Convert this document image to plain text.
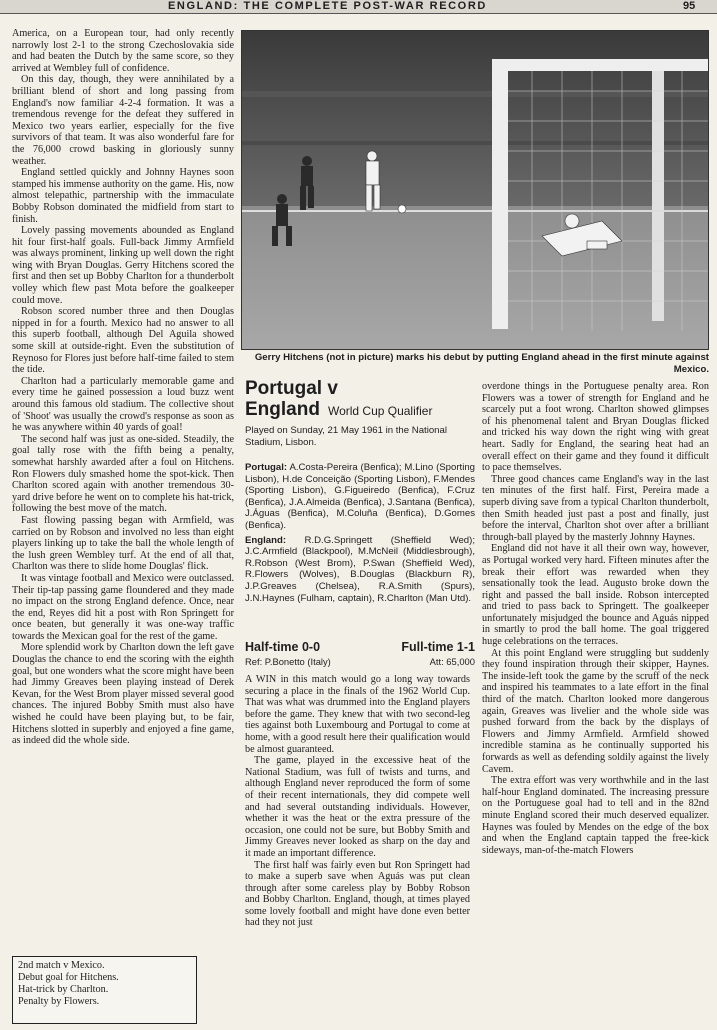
ENGLAND: THE COMPLETE POST-WAR RECORD	95

America, on a European tour, had only recently narrowly lost 2-1 to the strong Czechoslovakia side and had beaten the Dutch by the same score, so they arrived at Wembley full of confidence.

On this day, though, they were annihilated by a brilliant blend of short and long passing from England's now familiar 4-2-4 formation. It was a tremendous revenge for the defeat they suffered in Mexico two years earlier, especially for the five survivors of that team. It was also wonderful fare for the 76,000 crowd basking in gloriously sunny weather.

England settled quickly and Johnny Haynes soon stamped his immense authority on the game. His, now almost telepathic, partnership with the immaculate Bobby Robson dominated the midfield from start to finish.

Lovely passing movements abounded as England hit four first-half goals. Full-back Jimmy Armfield was always prominent, linking up well down the right wing with Bryan Douglas. Gerry Hitchens scored the first and then set up Bobby Charlton for a thunderbolt volley which flew past Mota before the goalkeeper could move.

Robson scored number three and then Douglas nipped in for a fourth. Mexico had no answer to all this superb football, although Del Aguila showed some skill at outside-right. Even the substitution of Reynoso for Flores just before half-time failed to stem the tide.

Charlton had a particularly memorable game and every time he gained possession a loud buzz went around this famous old stadium. The collective shout of 'Shoot' was usually the crowd's response as soon as he was anywhere within 40 yards of goal!

The second half was just as one-sided. Steadily, the goal tally rose with the fifth being a penalty, somewhat harshly awarded after a foul on Hitchens. Ron Flowers duly smashed home the spot-kick. Then Charlton scored again with another tremendous 30-yard drive before he went on to complete his hat-trick, following the best move of the match.

Fast flowing passing began with Armfield, was carried on by Robson and involved no less than eight players linking up to take the ball the whole length of the lush green Wembley turf. At the end of all that, Charlton was there to slide home Douglas' flick.

It was vintage football and Mexico were outclassed. Their tip-tap passing game floundered and they made no impact on the strong England defence. Once, near the end, Reyes did hit a post with Ron Springett for once beaten, but generally it was one-way traffic towards the Mexican goal for the rest of the game.

More splendid work by Charlton down the left gave Douglas the chance to end the scoring with the eighth goal, but one wonders what the score might have been had Jimmy Greaves been playing instead of Derek Kevan, for the West Brom player missed several good chances. The injured Bobby Smith must also have wished he could have been playing but, to be fair, Hitchens slotted in superbly and enjoyed a fine game, as indeed did the whole side.

2nd match v Mexico.
Debut goal for Hitchens.
Hat-trick by Charlton.
Penalty by Flowers.
Gerry Hitchens (not in picture) marks his debut by putting England ahead in the first minute against Mexico.
Portugal v
England World Cup Qualifier
Played on Sunday, 21 May 1961 in the National Stadium, Lisbon.

Portugal: A.Costa-Pereira (Benfica); M.Lino (Sporting Lisbon), H.de Conceição (Sporting Lisbon), F.Mendes (Sporting Lisbon), G.Figueiredo (Benfica), F.Cruz (Benfica), J.A.Almeida (Benfica), J.Santana (Benfica), J.Águas (Benfica), M.Coluña (Benfica), D.Gomes (Benfica).

England: R.D.G.Springett (Sheffield Wed); J.C.Armfield (Blackpool), M.McNeil (Middlesbrough), R.Robson (West Brom), P.Swan (Sheffield Wed), R.Flowers (Wolves), B.Douglas (Blackburn R), J.P.Greaves (Chelsea), R.A.Smith (Spurs), J.N.Haynes (Fulham, captain), R.Charlton (Man Utd).

Half-time 0-0	Full-time 1-1
Ref: P.Bonetto (Italy)	Att: 65,000

A WIN in this match would go a long way towards securing a place in the finals of the 1962 World Cup. That was what was drummed into the England players before the game. They knew that with two second-leg ties against both Luxembourg and Portugal to come at home, with a good result here their qualification would be almost guaranteed.

The game, played in the excessive heat of the National Stadium, was full of twists and turns, and although England never reproduced the form of some of their recent internationals, they did compete well and had several outstanding individuals. However, whether it was the heat or the extra pressure of the occasion, one could not be sure, but Bobby Smith and Jimmy Greaves never looked as sharp on the day and it made an important difference.

The first half was fairly even but Ron Springett had to make a superb save when Aguás was put clean through after some careless play by Bobby Robson and Bobby Charlton. England, though, at times played some lovely football and might have done even better had they not just

overdone things in the Portuguese penalty area. Ron Flowers was a tower of strength for England and he scarcely put a foot wrong. Charlton showed glimpses of his phenomenal talent and Bryan Douglas flicked and tricked his way down the right wing with great heart. Sadly for England, the searing heat had an overall effect on their game and they found it difficult to pace themselves.

Three good chances came England's way in the last ten minutes of the first half. First, Pereira made a superb diving save from a typical Charlton thunderbolt, then Smith headed just past a post and finally, just before the interval, Charlton shot over after a brilliant through-ball played by the masterly Johnny Haynes.

England did not have it all their own way, however, as Portugal worked very hard. Fifteen minutes after the break their effort was rewarded when they sensationally took the lead. Augusto broke down the right and passed the ball inside. Robson intercepted and tried to pass back to Springett. The goalkeeper unfortunately misjudged the bounce and Aguás nipped in smartly to prod the ball home. The goal triggered huge celebrations on the terraces.

At this point England were struggling but suddenly they found inspiration through their skipper, Haynes. The inside-left took the game by the scruff of the neck and inspired his teammates to a late effort in the final third of the match. Charlton looked more dangerous again, Greaves was livelier and the whole side was pushed forward from the back by the displays of Flowers and Jimmy Armfield. Armfield showed incredible stamina as he continually supported his forwards as well as defending soldily against the lively Cavem.

The extra effort was very worthwhile and in the last half-hour England dominated. The increasing pressure on the Portuguese goal had to tell and in the 82nd minute England scored their much deserved equalizer. Haynes was fouled by Mendes on the edge of the box and when the England captain tapped the free-kick sideways, man-of-the-match Flowers
